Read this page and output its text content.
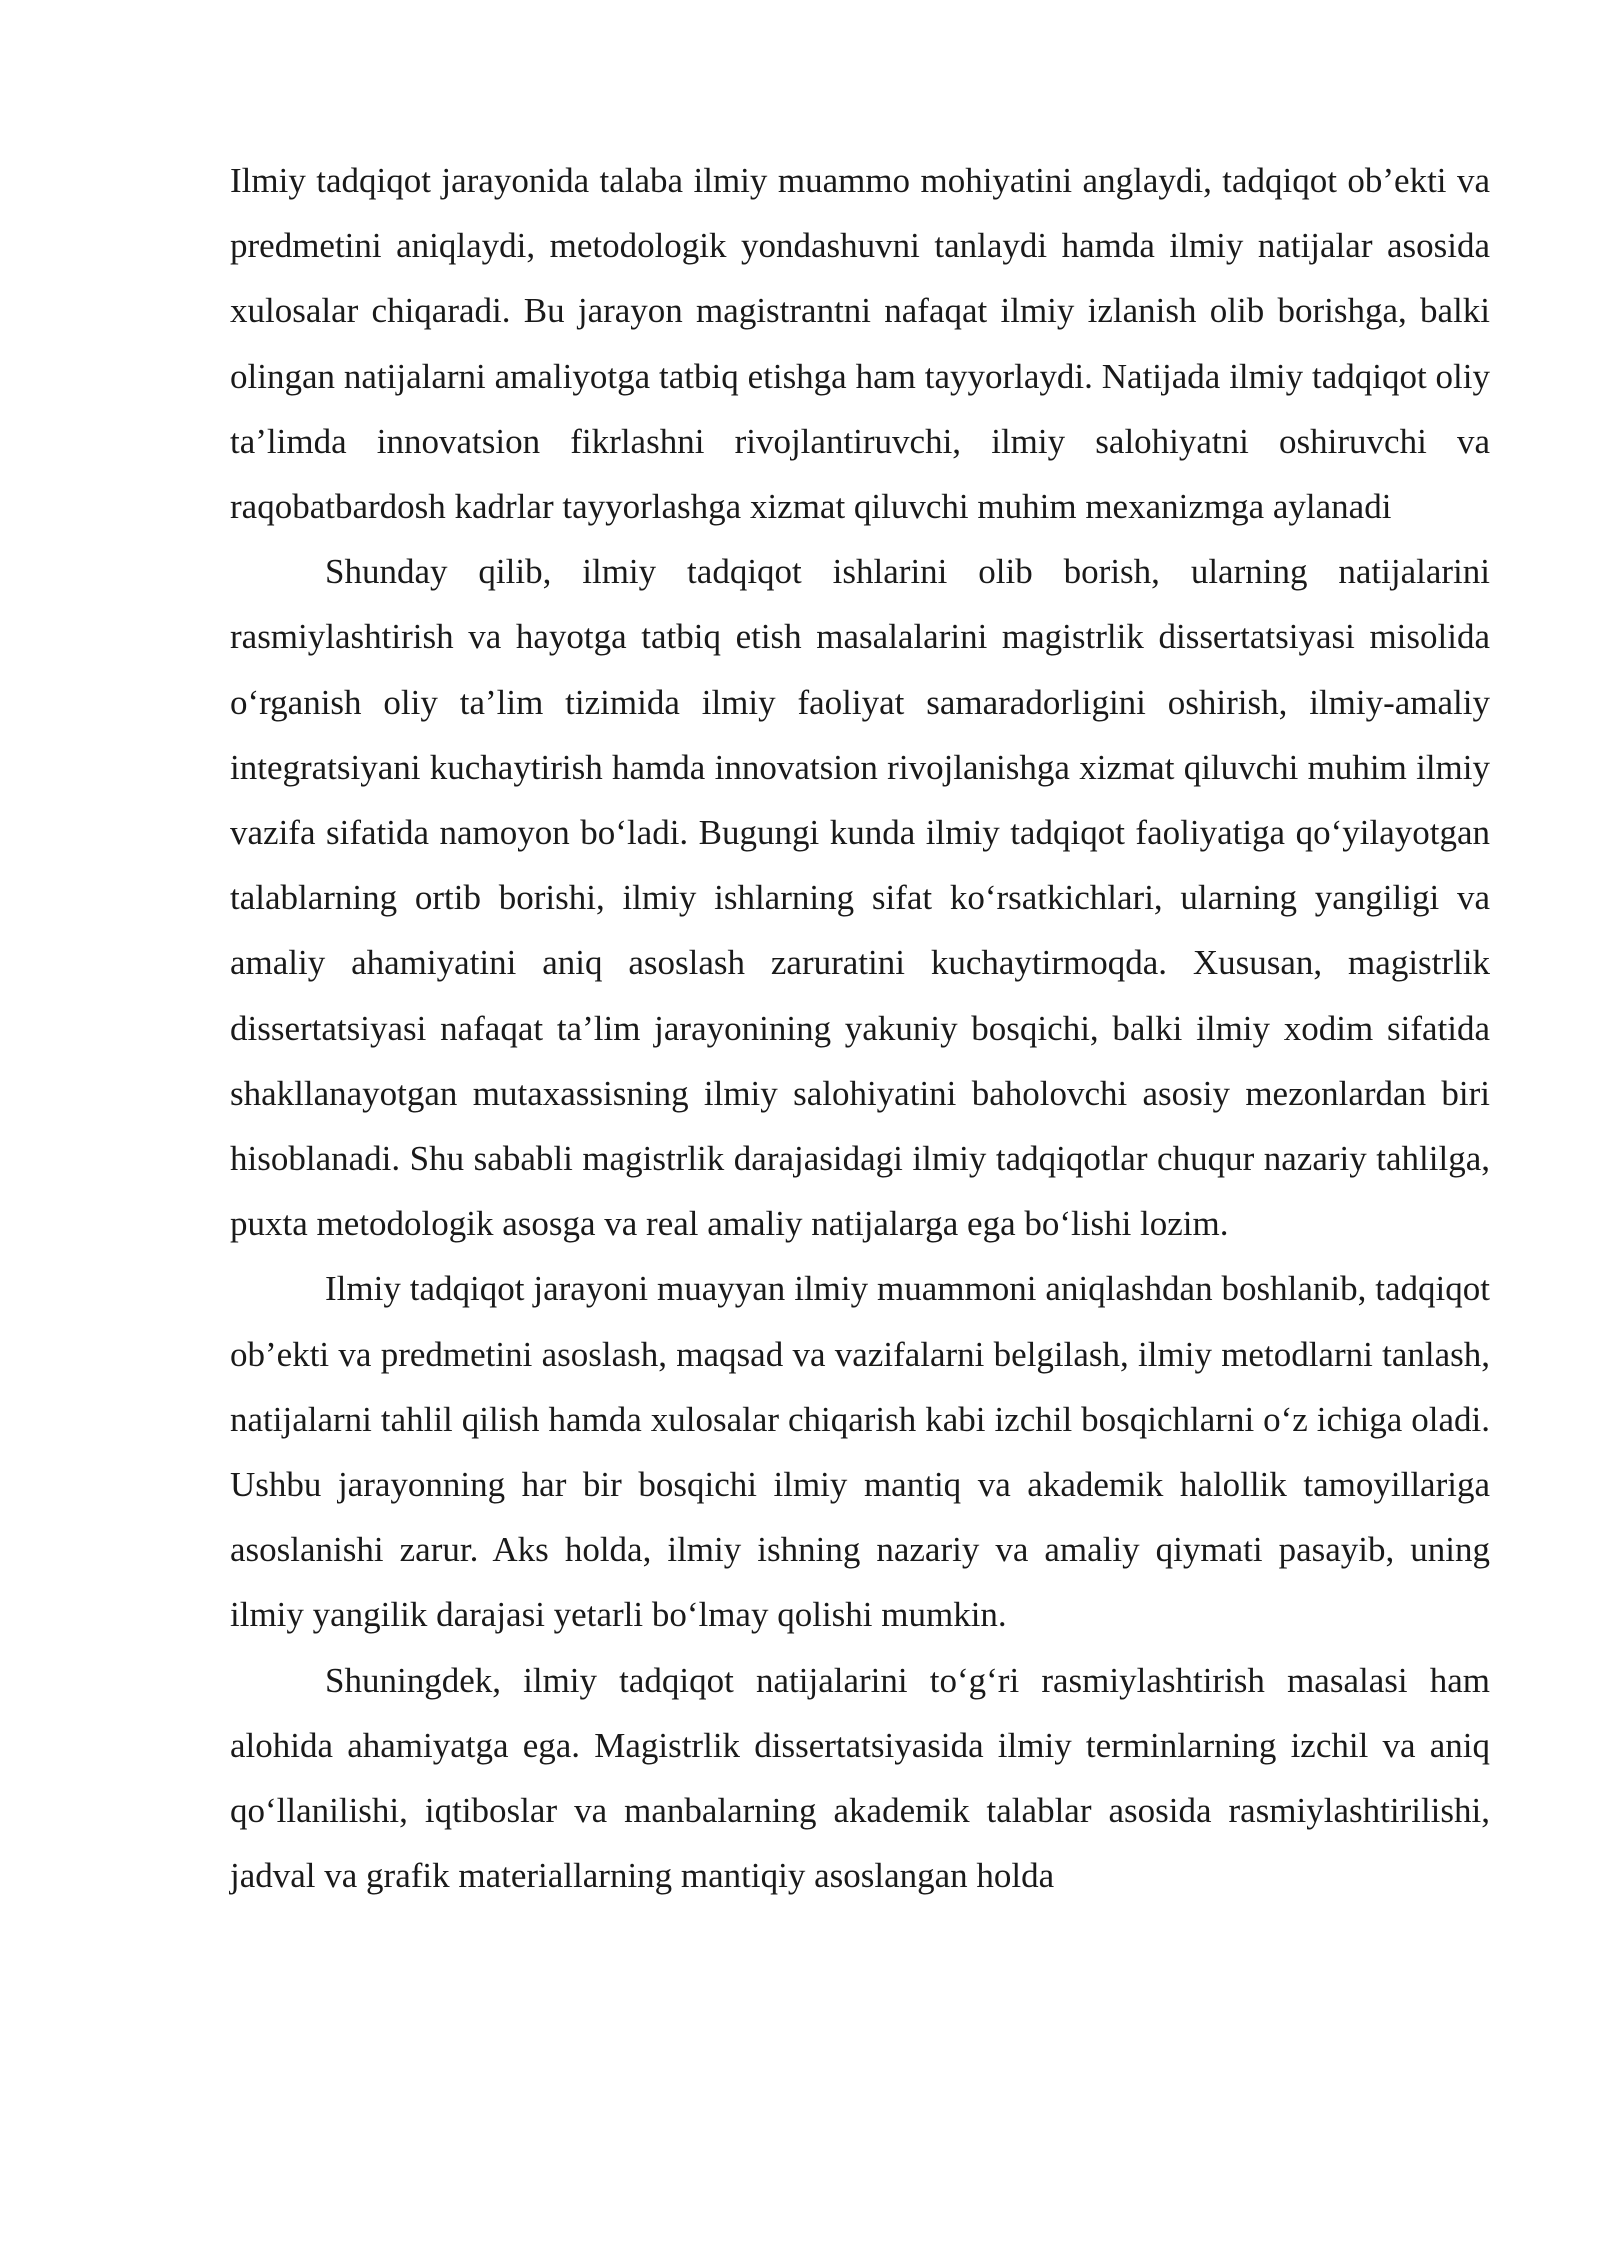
Ilmiy tadqiqot jarayonida talaba ilmiy muammo mohiyatini anglaydi, tadqiqot ob’ekti va predmetini aniqlaydi, metodologik yondashuvni tanlaydi hamda ilmiy natijalar asosida xulosalar chiqaradi. Bu jarayon magistrantni nafaqat ilmiy izlanish olib borishga, balki olingan natijalarni amaliyotga tatbiq etishga ham tayyorlaydi. Natijada ilmiy tadqiqot oliy ta’limda innovatsion fikrlashni rivojlantiruvchi, ilmiy salohiyatni oshiruvchi va raqobatbardosh kadrlar tayyorlashga xizmat qiluvchi muhim mexanizmga aylanadi

Shunday qilib, ilmiy tadqiqot ishlarini olib borish, ularning natijalarini rasmiylashtirish va hayotga tatbiq etish masalalarini magistrlik dissertatsiyasi misolida o‘rganish oliy ta’lim tizimida ilmiy faoliyat samaradorligini oshirish, ilmiy-amaliy integratsiyani kuchaytirish hamda innovatsion rivojlanishga xizmat qiluvchi muhim ilmiy vazifa sifatida namoyon bo‘ladi. Bugungi kunda ilmiy tadqiqot faoliyatiga qo‘yilayotgan talablarning ortib borishi, ilmiy ishlarning sifat ko‘rsatkichlari, ularning yangiligi va amaliy ahamiyatini aniq asoslash zaruratini kuchaytirmoqda. Xususan, magistrlik dissertatsiyasi nafaqat ta’lim jarayonining yakuniy bosqichi, balki ilmiy xodim sifatida shakllanayotgan mutaxassisning ilmiy salohiyatini baholovchi asosiy mezonlardan biri hisoblanadi. Shu sababli magistrlik darajasidagi ilmiy tadqiqotlar chuqur nazariy tahlilga, puxta metodologik asosga va real amaliy natijalarga ega bo‘lishi lozim.

Ilmiy tadqiqot jarayoni muayyan ilmiy muammoni aniqlashdan boshlanib, tadqiqot ob’ekti va predmetini asoslash, maqsad va vazifalarni belgilash, ilmiy metodlarni tanlash, natijalarni tahlil qilish hamda xulosalar chiqarish kabi izchil bosqichlarni o‘z ichiga oladi. Ushbu jarayonning har bir bosqichi ilmiy mantiq va akademik halollik tamoyillariga asoslanishi zarur. Aks holda, ilmiy ishning nazariy va amaliy qiymati pasayib, uning ilmiy yangilik darajasi yetarli bo‘lmay qolishi mumkin.

Shuningdek, ilmiy tadqiqot natijalarini to‘g‘ri rasmiylashtirish masalasi ham alohida ahamiyatga ega. Magistrlik dissertatsiyasida ilmiy terminlarning izchil va aniq qo‘llanilishi, iqtiboslar va manbalarning akademik talablar asosida rasmiylashtirilishi, jadval va grafik materiallarning mantiqiy asoslangan holda
